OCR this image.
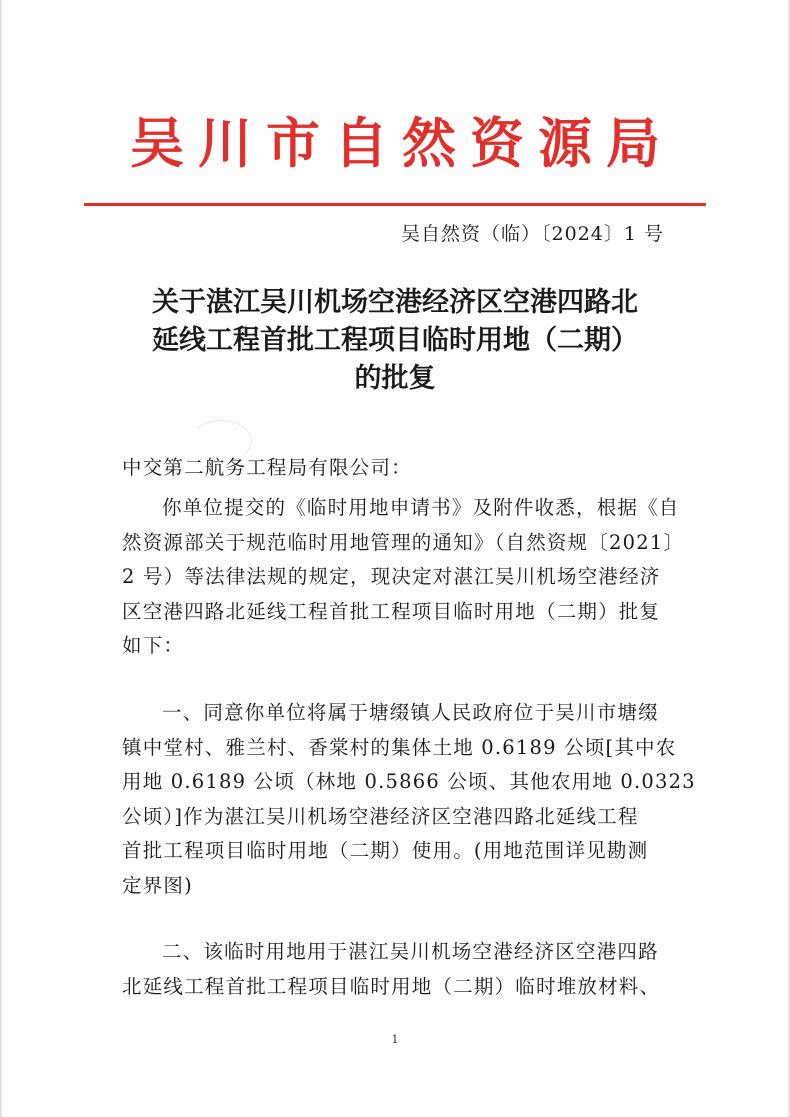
吴川市自然资源局
吴自然资（临）〔2024〕1 号
关于湛江吴川机场空港经济区空港四路北
延线工程首批工程项目临时用地（二期）
的批复
中交第二航务工程局有限公司：
你单位提交的《临时用地申请书》及附件收悉，根据《自
然资源部关于规范临时用地管理的通知》（自然资规〔2021〕
2 号）等法律法规的规定，现决定对湛江吴川机场空港经济
区空港四路北延线工程首批工程项目临时用地（二期）批复
如下：
一、同意你单位将属于塘缀镇人民政府位于吴川市塘缀
镇中堂村、雅兰村、香棠村的集体土地 0.6189 公顷[其中农
用地 0.6189 公顷（林地 0.5866 公顷、其他农用地 0.0323
公顷）]作为湛江吴川机场空港经济区空港四路北延线工程
首批工程项目临时用地（二期）使用。(用地范围详见勘测
定界图)
二、该临时用地用于湛江吴川机场空港经济区空港四路
北延线工程首批工程项目临时用地（二期）临时堆放材料、
1
